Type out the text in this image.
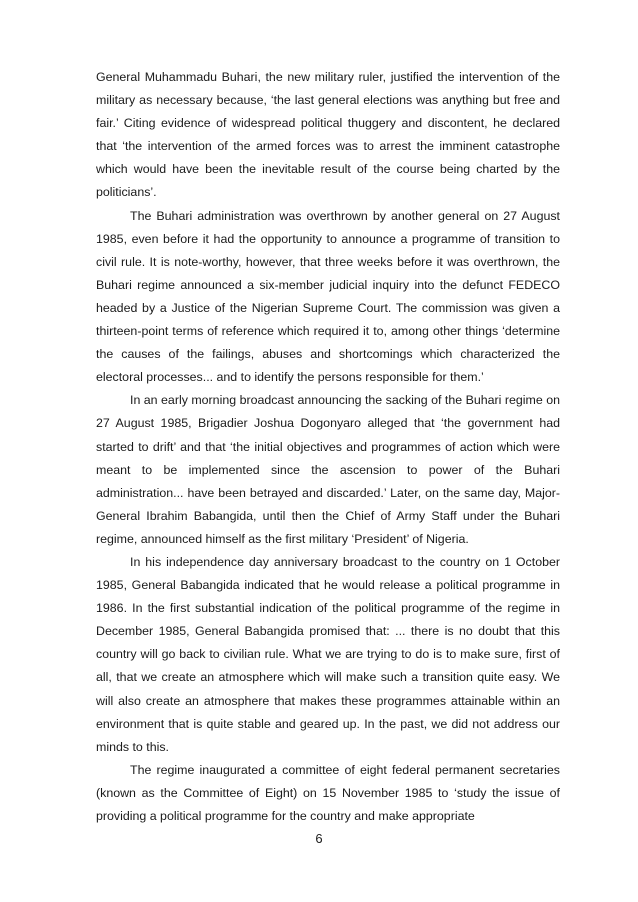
General Muhammadu Buhari, the new military ruler, justified the intervention of the military as necessary because, ‘the last general elections was anything but free and fair.’ Citing evidence of widespread political thuggery and discontent, he declared that ‘the intervention of the armed forces was to arrest the imminent catastrophe which would have been the inevitable result of the course being charted by the politicians’.

The Buhari administration was overthrown by another general on 27 August 1985, even before it had the opportunity to announce a programme of transition to civil rule. It is note-worthy, however, that three weeks before it was overthrown, the Buhari regime announced a six-member judicial inquiry into the defunct FEDECO headed by a Justice of the Nigerian Supreme Court. The commission was given a thirteen-point terms of reference which required it to, among other things ‘determine the causes of the failings, abuses and shortcomings which characterized the electoral processes... and to identify the persons responsible for them.’

In an early morning broadcast announcing the sacking of the Buhari regime on 27 August 1985, Brigadier Joshua Dogonyaro alleged that ‘the government had started to drift’ and that ‘the initial objectives and programmes of action which were meant to be implemented since the ascension to power of the Buhari administration... have been betrayed and discarded.’ Later, on the same day, Major-General Ibrahim Babangida, until then the Chief of Army Staff under the Buhari regime, announced himself as the first military ‘President’ of Nigeria.

In his independence day anniversary broadcast to the country on 1 October 1985, General Babangida indicated that he would release a political programme in 1986. In the first substantial indication of the political programme of the regime in December 1985, General Babangida promised that: ... there is no doubt that this country will go back to civilian rule. What we are trying to do is to make sure, first of all, that we create an atmosphere which will make such a transition quite easy. We will also create an atmosphere that makes these programmes attainable within an environment that is quite stable and geared up. In the past, we did not address our minds to this.

The regime inaugurated a committee of eight federal permanent secretaries (known as the Committee of Eight) on 15 November 1985 to ‘study the issue of providing a political programme for the country and make appropriate

6
